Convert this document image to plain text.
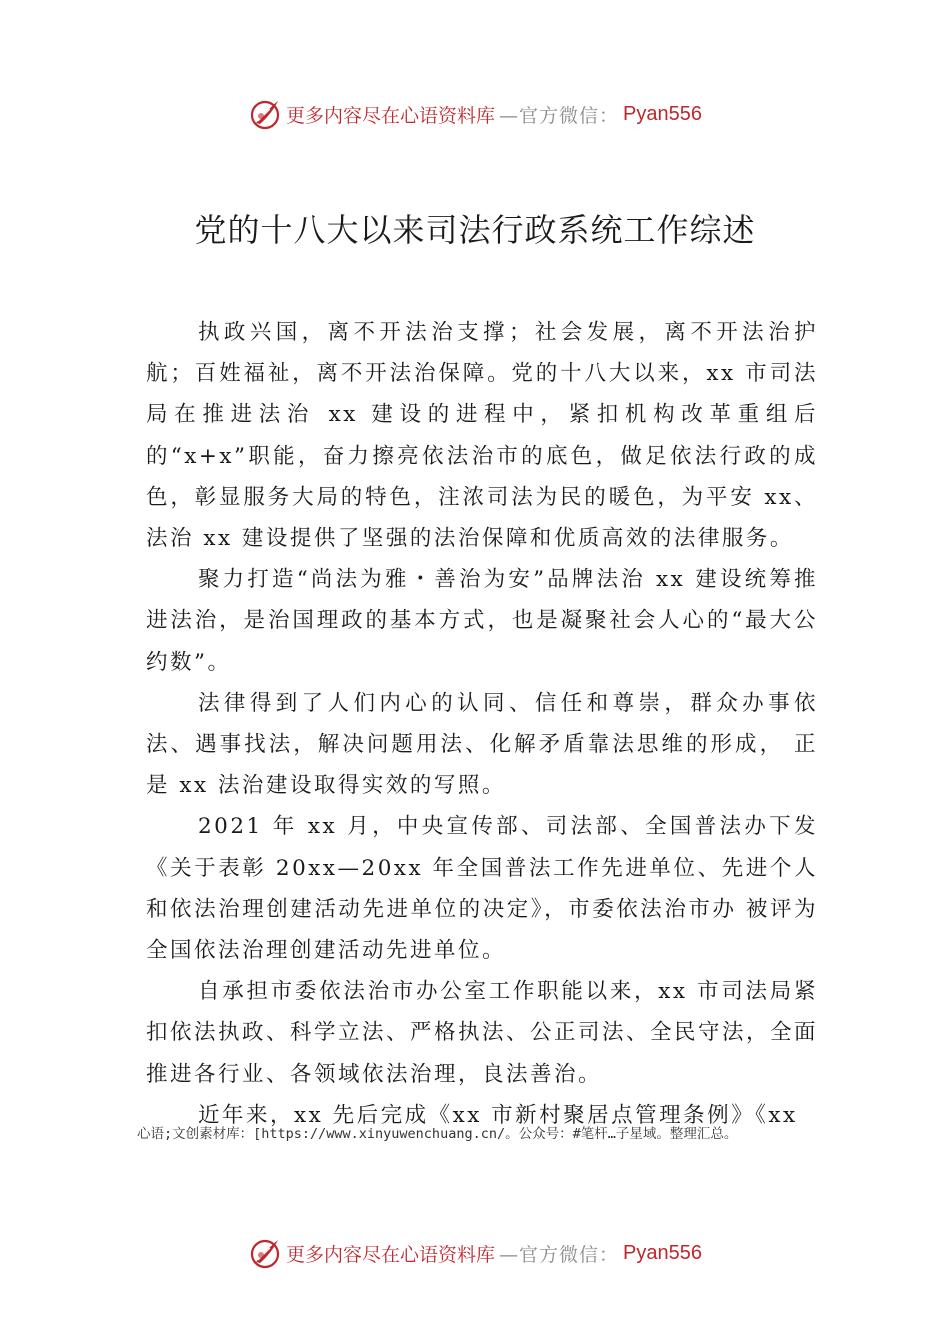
更多内容尽在心语资料库 —官方微信： Pyan556
党的十八大以来司法行政系统工作综述

执政兴国，离不开法治支撑；社会发展，离不开法治护航；百姓福祉，离不开法治保障。党的十八大以来，xx 市司法局在推进法治 xx 建设的进程中，紧扣机构改革重组后的“x+x”职能，奋力擦亮依法治市的底色，做足依法行政的成色，彰显服务大局的特色，注浓司法为民的暖色，为平安 xx、法治 xx 建设提供了坚强的法治保障和优质高效的法律服务。

聚力打造“尚法为雅・善治为安”品牌法治 xx 建设统筹推进法治，是治国理政的基本方式，也是凝聚社会人心的“最大公约数”。

法律得到了人们内心的认同、信任和尊崇，群众办事依法、遇事找法，解决问题用法、化解矛盾靠法思维的形成， 正是 xx 法治建设取得实效的写照。

2021 年 xx 月，中央宣传部、司法部、全国普法办下发《关于表彰 20xx—20xx 年全国普法工作先进单位、先进个人和依法治理创建活动先进单位的决定》，市委依法治市办 被评为全国依法治理创建活动先进单位。

自承担市委依法治市办公室工作职能以来，xx 市司法局紧扣依法执政、科学立法、严格执法、公正司法、全民守法，全面推进各行业、各领域依法治理，良法善治。

近年来，xx 先后完成《xx 市新村聚居点管理条例》《xx

心语;文创素材库：[https://www.xinyuwenchuang.cn/。公众号：#笔杆…子星域。整理汇总。
更多内容尽在心语资料库 —官方微信： Pyan556
